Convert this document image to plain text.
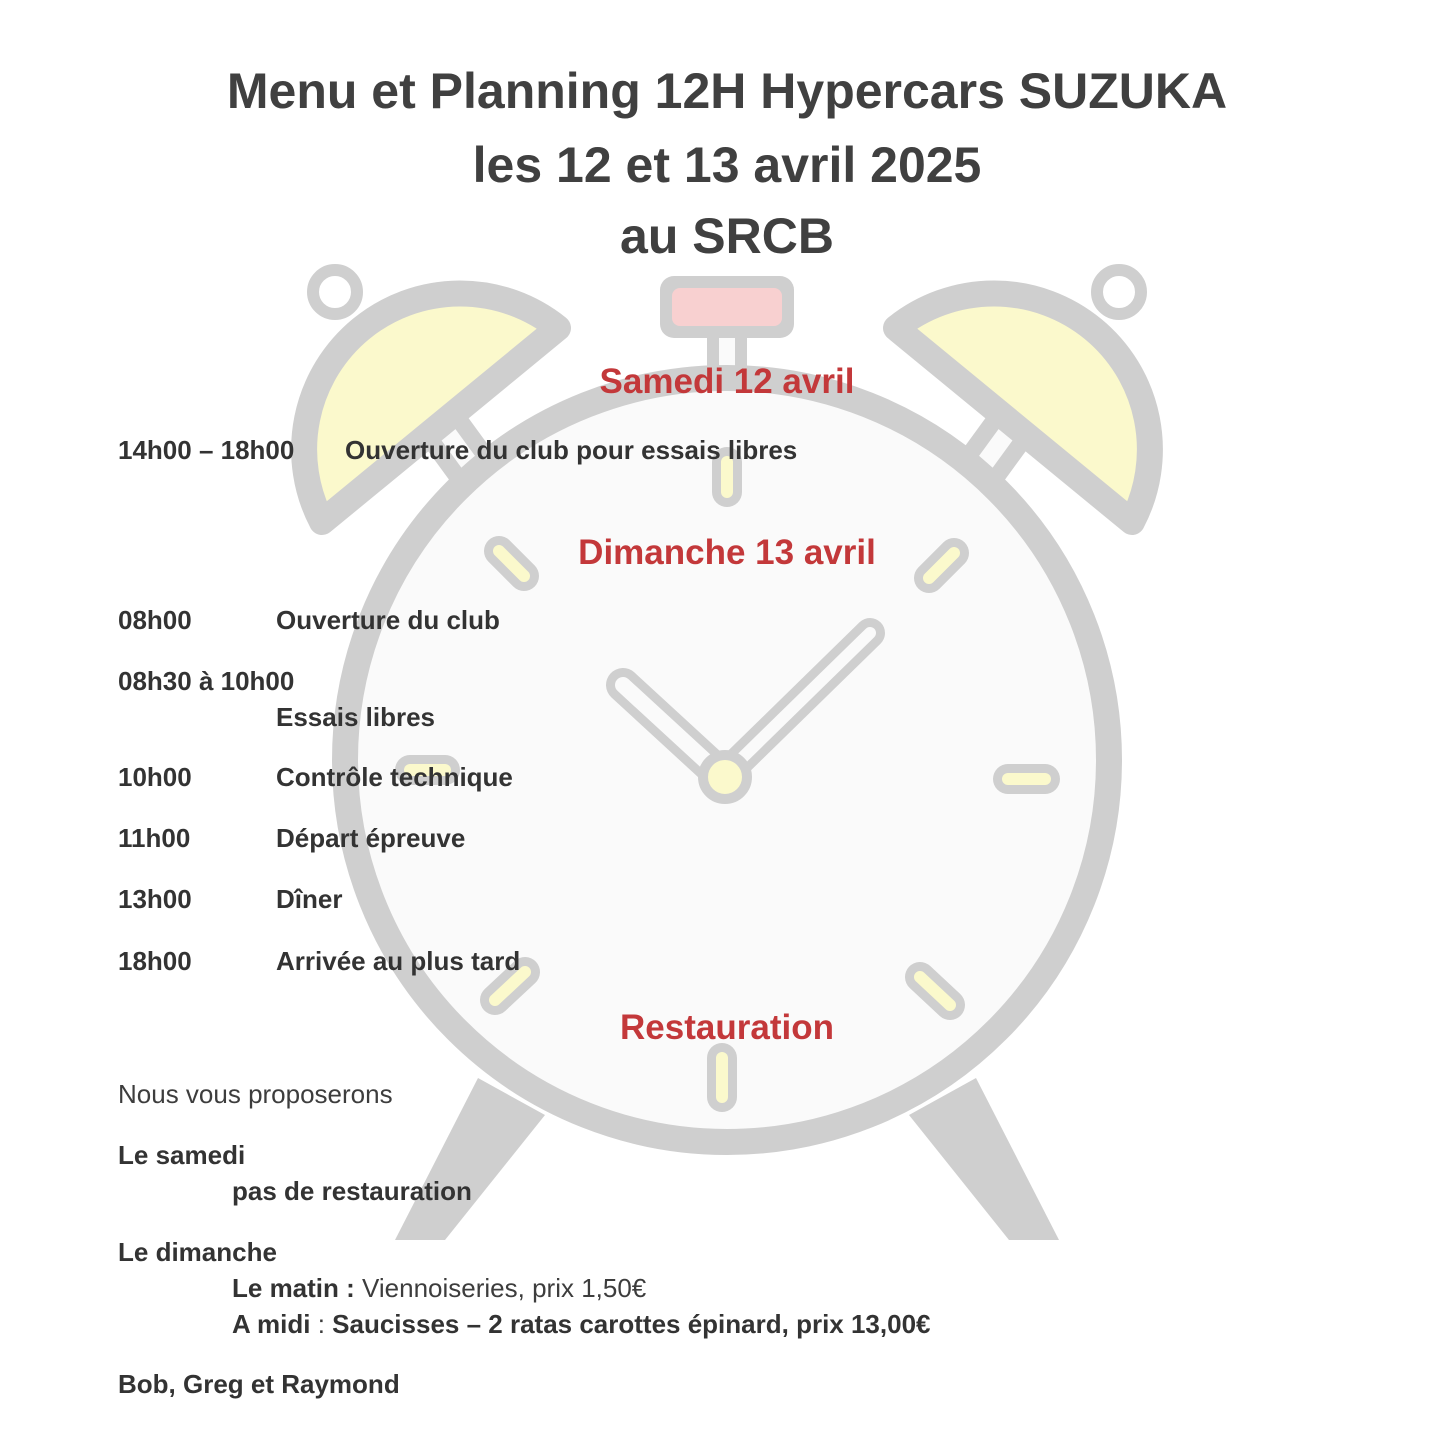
Menu et Planning 12H Hypercars SUZUKA
les 12 et 13 avril 2025
au SRCB
Samedi 12 avril
14h00 – 18h00 Ouverture du club pour essais libres
Dimanche 13 avril
08h00	Ouverture du club
08h30 à 10h00
Essais libres
10h00	Contrôle technique
11h00	Départ épreuve
13h00	Dîner
18h00	Arrivée au plus tard
Restauration
Nous vous proposerons
Le samedi
pas de restauration
Le dimanche
Le matin : Viennoiseries, prix 1,50€
A midi : Saucisses – 2 ratas carottes épinard, prix 13,00€
Bob, Greg et Raymond
